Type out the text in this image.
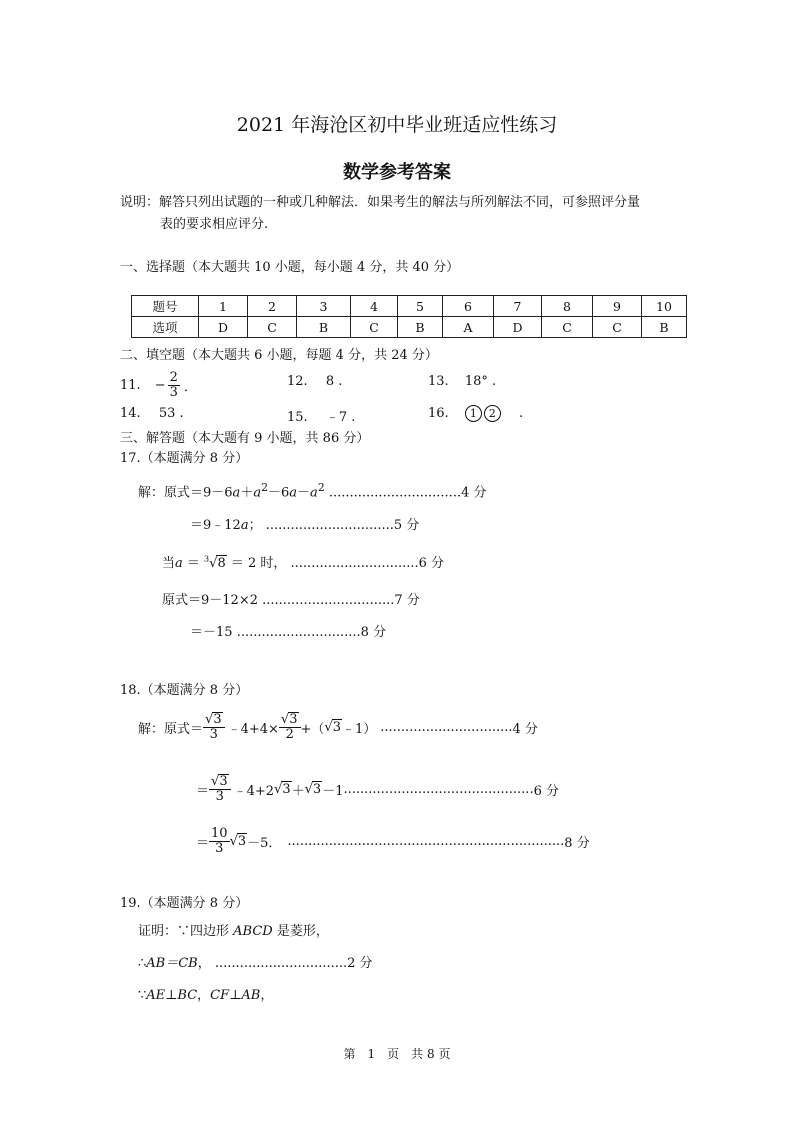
2021 年海沧区初中毕业班适应性练习
数学参考答案
说明：解答只列出试题的一种或几种解法．如果考生的解法与所列解法不同，可参照评分量
表的要求相应评分.
一、选择题（本大题共 10 小题，每小题 4 分，共 40 分）
题号	1	2	3	4	5	6	7	8	9	10
选项	D	C	B	C	B	A	D	C	C	B
二、填空题（本大题共 6 小题，每题 4 分，共 24 分）
11. − $\frac{2}{3}$ ．	12. 8 .	13. 18° .
14. 53 .	15. ﹣7 .	16. 1 2 .
三、解答题（本大题有 9 小题，共 86 分）
17.（本题满分 8 分）
解：原式$=9-6a+a^2-6a-a^2$ ................................4 分
＝9﹣12a； ...............................5 分
当a ＝ $^3$√8 ＝ 2 时， ...............................6 分
原式＝9－12×2 ................................7 分
＝－15 ..............................8 分
18.（本题满分 8 分）
解：原式＝ $\frac{√3}{3}$ ﹣4+4× $\frac{√3}{2}$ +（ √ 3 ﹣1） ................................ 4 分
＝ $\frac{√3}{3}$ ﹣4+2 √ 3 ＋ √ 3 －1 .............................................. 6 分
＝ $\frac{10}{3}$ √ 3 －5． ................................................................... 8 分
19.（本题满分 8 分）
证明：∵四边形 ABCD 是菱形，
∴AB＝CB， ................................2 分
∵AE⊥BC，CF⊥AB，
第　1　页　共 8 页
